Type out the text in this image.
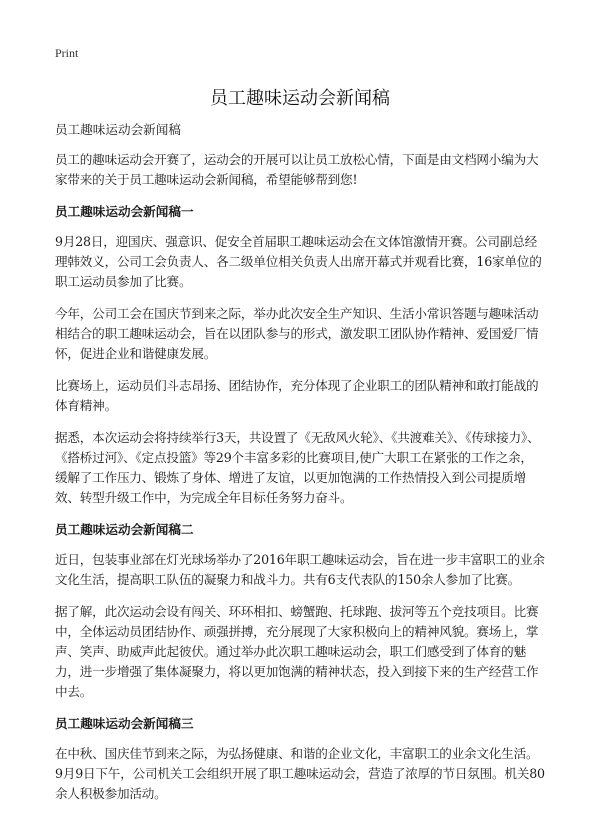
Print
员工趣味运动会新闻稿

员工趣味运动会新闻稿

员工的趣味运动会开赛了，运动会的开展可以让员工放松心情，下面是由文档网小编为大家带来的关于员工趣味运动会新闻稿，希望能够帮到您!

员工趣味运动会新闻稿一

9月28日，迎国庆、强意识、促安全首届职工趣味运动会在文体馆激情开赛。公司副总经理韩效义，公司工会负责人、各二级单位相关负责人出席开幕式并观看比赛，16家单位的职工运动员参加了比赛。

今年，公司工会在国庆节到来之际，举办此次安全生产知识、生活小常识答题与趣味活动相结合的职工趣味运动会，旨在以团队参与的形式，激发职工团队协作精神、爱国爱厂情怀，促进企业和谐健康发展。

比赛场上，运动员们斗志昂扬、团结协作，充分体现了企业职工的团队精神和敢打能战的体育精神。

据悉，本次运动会将持续举行3天，共设置了《无敌风火轮》、《共渡难关》、《传球接力》、《搭桥过河》、《定点投篮》等29个丰富多彩的比赛项目,使广大职工在紧张的工作之余，缓解了工作压力、锻炼了身体、增进了友谊，以更加饱满的工作热情投入到公司提质增效、转型升级工作中，为完成全年目标任务努力奋斗。

员工趣味运动会新闻稿二

近日，包装事业部在灯光球场举办了2016年职工趣味运动会，旨在进一步丰富职工的业余文化生活，提高职工队伍的凝聚力和战斗力。共有6支代表队的150余人参加了比赛。

据了解，此次运动会设有闯关、环环相扣、螃蟹跑、托球跑、拔河等五个竞技项目。比赛中，全体运动员团结协作、顽强拼搏，充分展现了大家积极向上的精神风貌。赛场上，掌声、笑声、助威声此起彼伏。通过举办此次职工趣味运动会，职工们感受到了体育的魅力，进一步增强了集体凝聚力，将以更加饱满的精神状态，投入到接下来的生产经营工作中去。

员工趣味运动会新闻稿三

在中秋、国庆佳节到来之际，为弘扬健康、和谐的企业文化，丰富职工的业余文化生活。9月9日下午，公司机关工会组织开展了职工趣味运动会，营造了浓厚的节日氛围。机关80余人积极参加活动。
